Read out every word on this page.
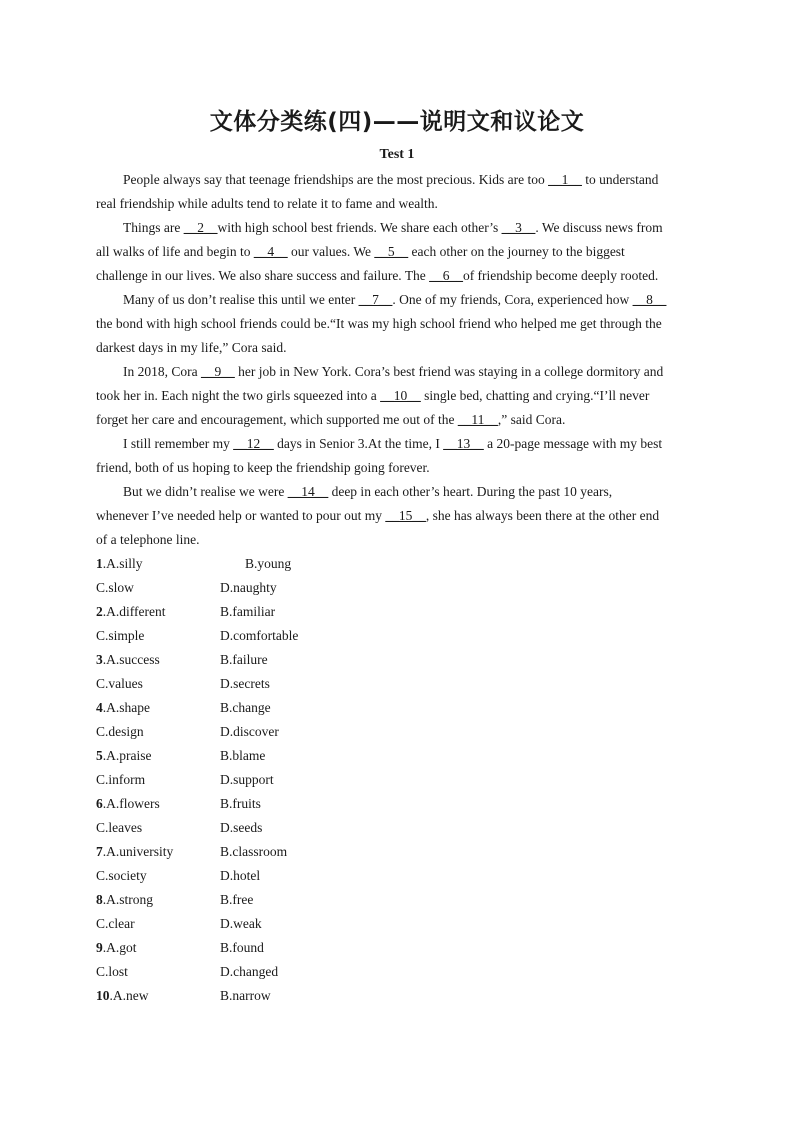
文体分类练(四)——说明文和议论文
Test 1
People always say that teenage friendships are the most precious. Kids are too __1__ to understand
real friendship while adults tend to relate it to fame and wealth.
Things are __2__with high school best friends. We share each other’s __3__. We discuss news from
all walks of life and begin to __4__ our values. We __5__ each other on the journey to the biggest
challenge in our lives. We also share success and failure. The __6__of friendship become deeply rooted.
Many of us don’t realise this until we enter __7__. One of my friends, Cora, experienced how __8__
the bond with high school friends could be.“It was my high school friend who helped me get through the
darkest days in my life,” Cora said.
In 2018, Cora __9__ her job in New York. Cora’s best friend was staying in a college dormitory and
took her in. Each night the two girls squeezed into a __10__ single bed, chatting and crying.“I’ll never
forget her care and encouragement, which supported me out of the __11__,” said Cora.
I still remember my __12__ days in Senior 3.At the time, I __13__ a 20-page message with my best
friend, both of us hoping to keep the friendship going forever.
But we didn’t realise we were __14__ deep in each other’s heart. During the past 10 years,
whenever I’ve needed help or wanted to pour out my __15__, she has always been there at the other end
of a telephone line.
1.A.silly	B.young
C.slow	D.naughty
2.A.different	B.familiar
C.simple	D.comfortable
3.A.success	B.failure
C.values	D.secrets
4.A.shape	B.change
C.design	D.discover
5.A.praise	B.blame
C.inform	D.support
6.A.flowers	B.fruits
C.leaves	D.seeds
7.A.university	B.classroom
C.society	D.hotel
8.A.strong	B.free
C.clear	D.weak
9.A.got	B.found
C.lost	D.changed
10.A.new	B.narrow
